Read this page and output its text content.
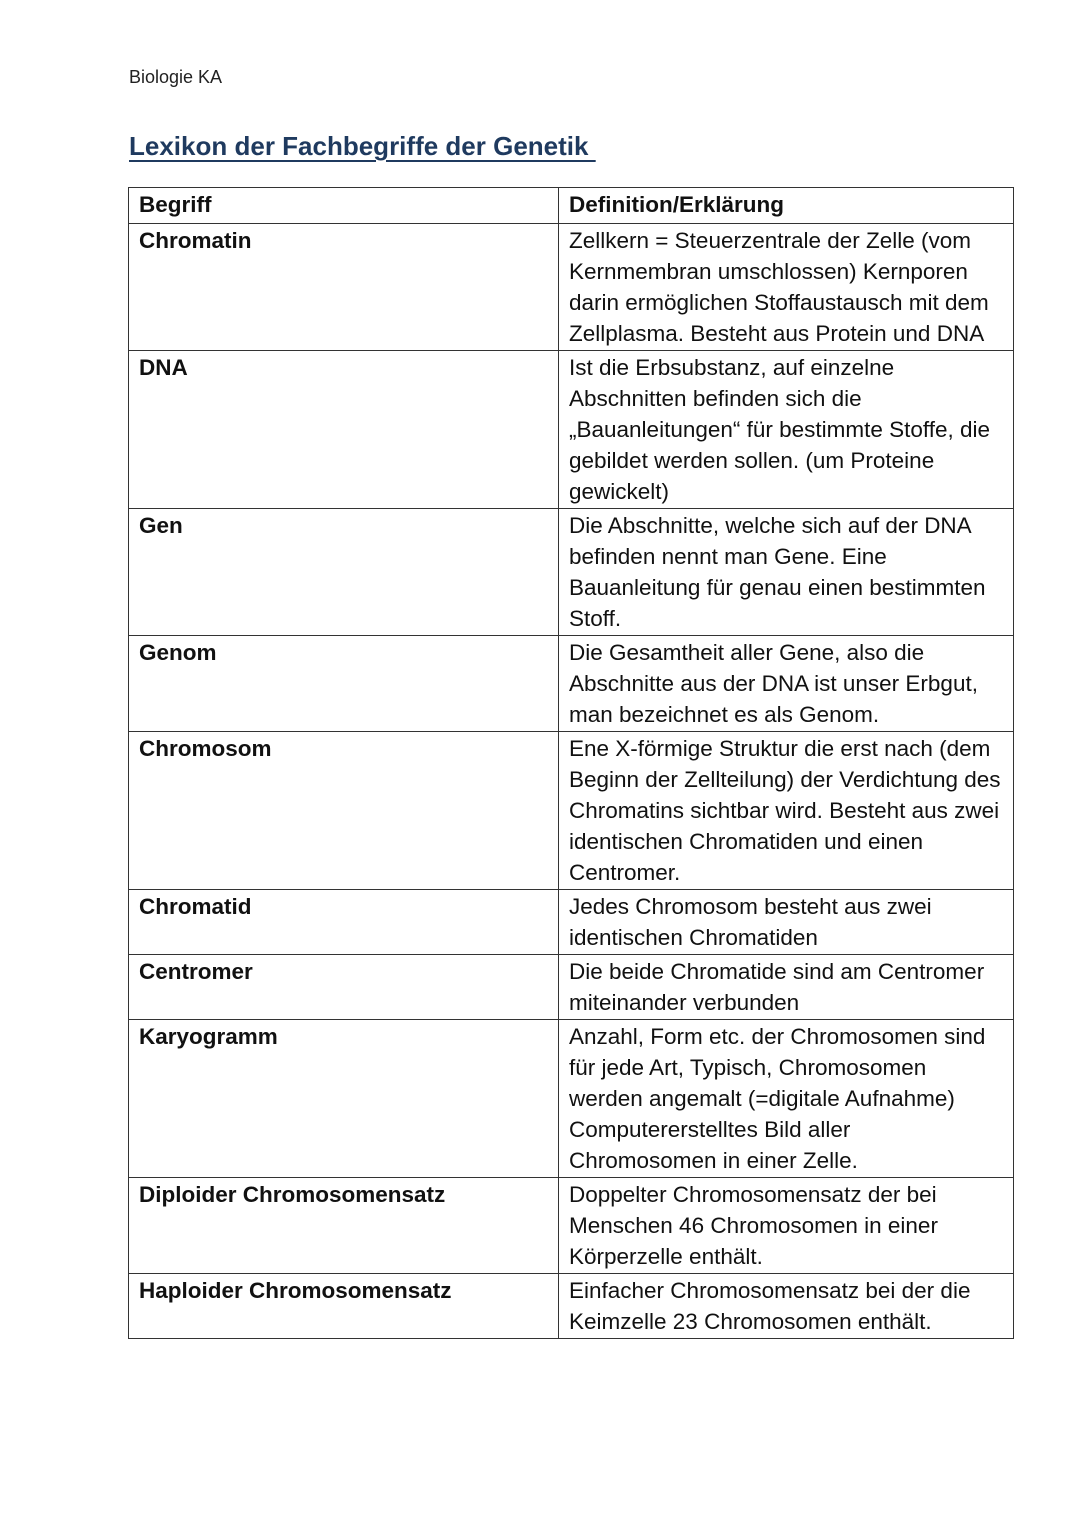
Biologie KA
Lexikon der Fachbegriffe der Genetik
Begriff	Definition/Erklärung
Chromatin	Zellkern = Steuerzentrale der Zelle (vom Kernmembran umschlossen) Kernporen darin ermöglichen Stoffaustausch mit dem Zellplasma. Besteht aus Protein und DNA
DNA	Ist die Erbsubstanz, auf einzelne Abschnitten befinden sich die „Bauanleitungen“ für bestimmte Stoffe, die gebildet werden sollen. (um Proteine gewickelt)
Gen	Die Abschnitte, welche sich auf der DNA befinden nennt man Gene. Eine Bauanleitung für genau einen bestimmten Stoff.
Genom	Die Gesamtheit aller Gene, also die Abschnitte aus der DNA ist unser Erbgut, man bezeichnet es als Genom.
Chromosom	Ene X-förmige Struktur die erst nach (dem Beginn der Zellteilung) der Verdichtung des Chromatins sichtbar wird. Besteht aus zwei identischen Chromatiden und einen Centromer.
Chromatid	Jedes Chromosom besteht aus zwei identischen Chromatiden
Centromer	Die beide Chromatide sind am Centromer miteinander verbunden
Karyogramm	Anzahl, Form etc. der Chromosomen sind für jede Art, Typisch, Chromosomen werden angemalt (=digitale Aufnahme) Computererstelltes Bild aller Chromosomen in einer Zelle.
Diploider Chromosomensatz	Doppelter Chromosomensatz der bei Menschen 46 Chromosomen in einer Körperzelle enthält.
Haploider Chromosomensatz	Einfacher Chromosomensatz bei der die Keimzelle 23 Chromosomen enthält.
